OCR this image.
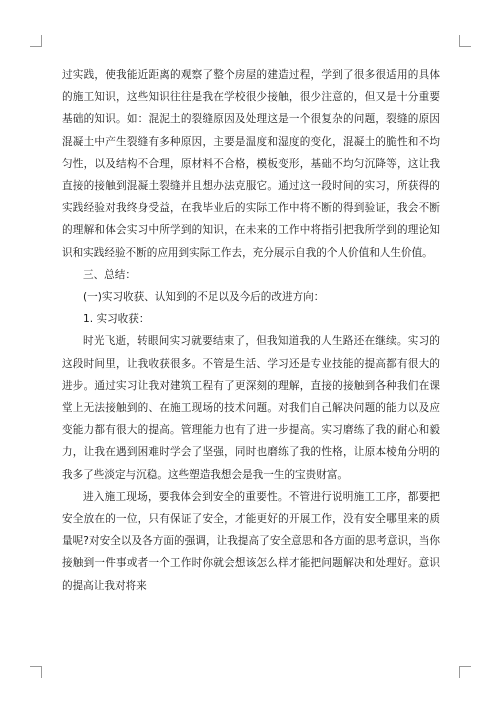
过实践，使我能近距离的观察了整个房屋的建造过程，学到了很多很适用的具体的施工知识，这些知识往往是我在学校很少接触，很少注意的，但又是十分重要基础的知识。如：混泥土的裂缝原因及处理这是一个很复杂的问题，裂缝的原因混凝土中产生裂缝有多种原因，主要是温度和湿度的变化，混凝土的脆性和不均匀性，以及结构不合理，原材料不合格，模板变形，基础不均匀沉降等，这让我直接的接触到混凝土裂缝并且想办法克服它。通过这一段时间的实习，所获得的实践经验对我终身受益，在我毕业后的实际工作中将不断的得到验证，我会不断的理解和体会实习中所学到的知识，在未来的工作中将指引把我所学到的理论知识和实践经验不断的应用到实际工作去，充分展示自我的个人价值和人生价值。

三、总结：

(一)实习收获、认知到的不足以及今后的改进方向：

1. 实习收获：

时光飞逝，转眼间实习就要结束了，但我知道我的人生路还在继续。实习的这段时间里，让我收获很多。不管是生活、学习还是专业技能的提高都有很大的进步。通过实习让我对建筑工程有了更深刻的理解，直接的接触到各种我们在课堂上无法接触到的、在施工现场的技术问题。对我们自己解决问题的能力以及应变能力都有很大的提高。管理能力也有了进一步提高。实习磨练了我的耐心和毅力，让我在遇到困难时学会了坚强，同时也磨练了我的性格，让原本棱角分明的我多了些淡定与沉稳。这些塑造我想会是我一生的宝贵财富。

进入施工现场，要我体会到安全的重要性。不管进行说明施工工序，都要把安全放在的一位，只有保证了安全，才能更好的开展工作，没有安全哪里来的质量呢?对安全以及各方面的强调，让我提高了安全意思和各方面的思考意识，当你接触到一件事或者一个工作时你就会想该怎么样才能把问题解决和处理好。意识的提高让我对将来
